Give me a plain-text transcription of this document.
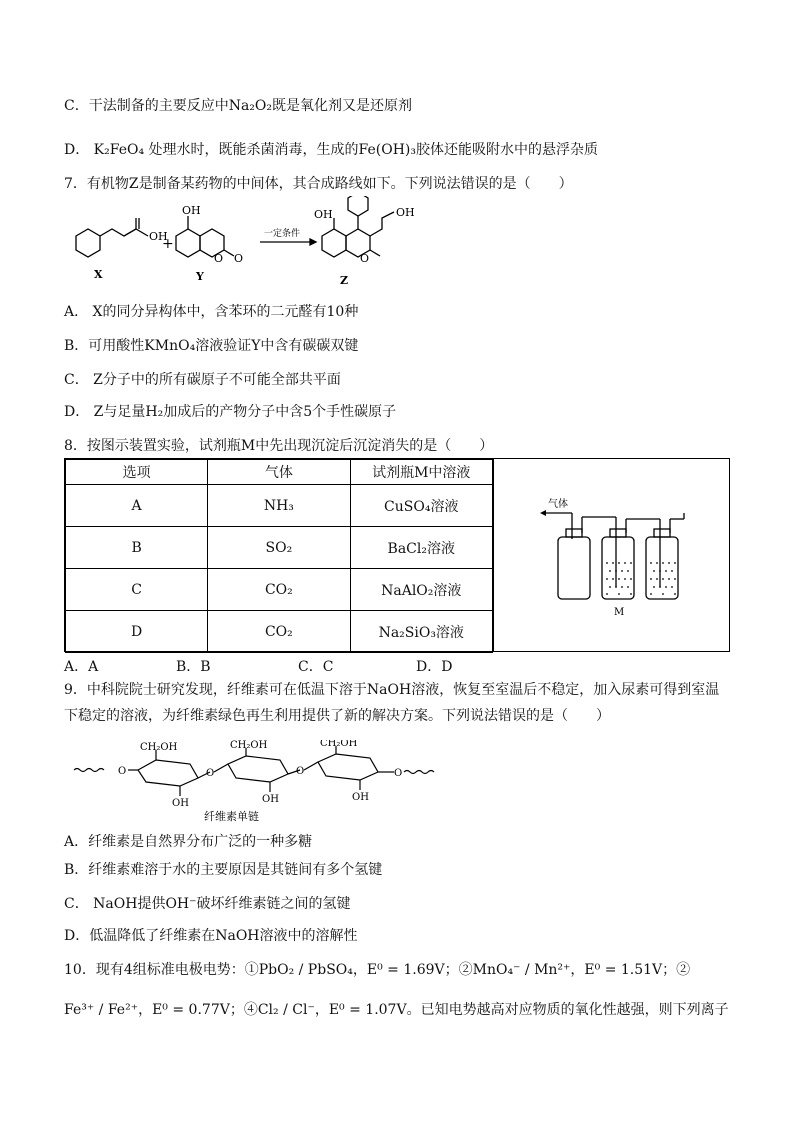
C．干法制备的主要反应中Na₂O₂既是氧化剂又是还原剂
D． K₂FeO₄ 处理水时，既能杀菌消毒，生成的Fe(OH)₃胶体还能吸附水中的悬浮杂质
7．有机物Z是制备某药物的中间体，其合成路线如下。下列说法错误的是（　　）
OH
X
+
OH
O O
Y
一定条件
OH
O
OH
Z
A． X的同分异构体中，含苯环的二元醛有10种
B．可用酸性KMnO₄溶液验证Y中含有碳碳双键
C． Z分子中的所有碳原子不可能全部共平面
D． Z与足量H₂加成后的产物分子中含5个手性碳原子
8．按图示装置实验，试剂瓶M中先出现沉淀后沉淀消失的是（　　）
选项	气体	试剂瓶M中溶液
A	NH₃	CuSO₄溶液
B	SO₂	BaCl₂溶液
C	CO₂	NaAlO₂溶液
D	CO₂	Na₂SiO₃溶液
气体
M
A．A	B．B	C．C	D．D
9．中科院院士研究发现，纤维素可在低温下溶于NaOH溶液，恢复至室温后不稳定，加入尿素可得到室温
下稳定的溶液，为纤维素绿色再生利用提供了新的解决方案。下列说法错误的是（　　）
O
CH₂OH	CH₂OH	CH₂OH
O	O	O
OH	OH	OH
纤维素单链
A．纤维素是自然界分布广泛的一种多糖
B．纤维素难溶于水的主要原因是其链间有多个氢键
C． NaOH提供OH⁻破坏纤维素链之间的氢键
D．低温降低了纤维素在NaOH溶液中的溶解性
10．现有4组标准电极电势：①PbO₂ / PbSO₄，E⁰ = 1.69V；②MnO₄⁻ / Mn²⁺，E⁰ = 1.51V；②
Fe³⁺ / Fe²⁺，E⁰ = 0.77V；④Cl₂ / Cl⁻，E⁰ = 1.07V。已知电势越高对应物质的氧化性越强，则下列离子
